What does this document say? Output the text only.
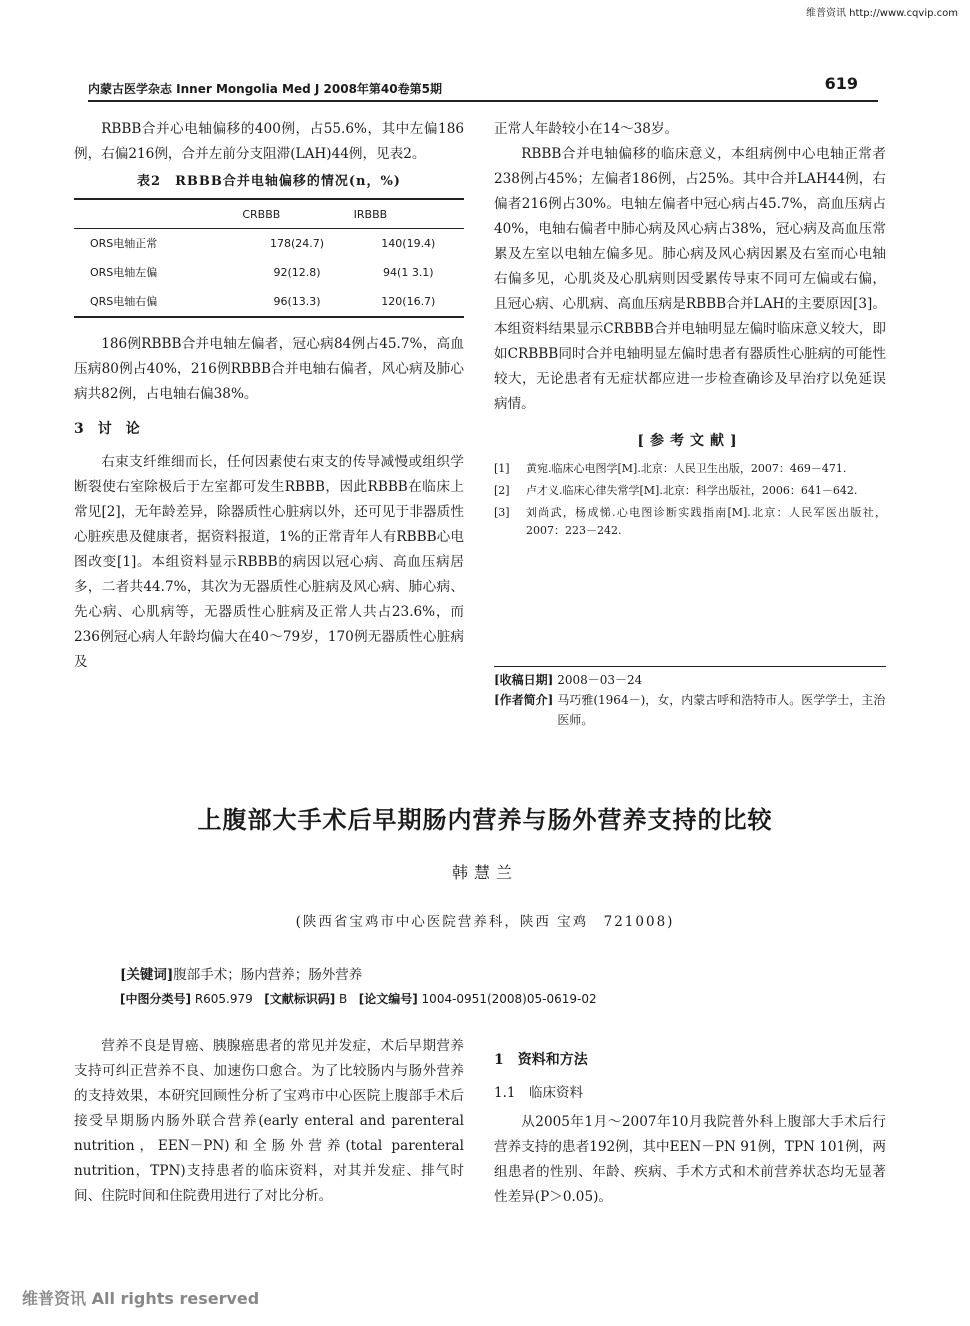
维普资讯 http://www.cqvip.com
内蒙古医学杂志 Inner Mongolia Med J 2008年第40卷第5期	619

RBBB合并心电轴偏移的400例，占55.6%，其中左偏186例，右偏216例，合并左前分支阻滞(LAH)44例，见表2。

表2　RBBB合并电轴偏移的情况(n，%)
	CRBBB	IRBBB
ORS电轴正常	178(24.7)	140(19.4)
ORS电轴左偏	92(12.8)	94(1 3.1)
QRS电轴右偏	96(13.3)	120(16.7)

186例RBBB合并电轴左偏者，冠心病84例占45.7%，高血压病80例占40%，216例RBBB合并电轴右偏者，风心病及肺心病共82例，占电轴右偏38%。

3　讨　论

右束支纤维细而长，任何因素使右束支的传导减慢或组织学断裂使右室除极后于左室都可发生RBBB，因此RBBB在临床上常见[2]，无年龄差异，除器质性心脏病以外，还可见于非器质性心脏疾患及健康者，据资料报道，1%的正常青年人有RBBB心电图改变[1]。本组资料显示RBBB的病因以冠心病、高血压病居多，二者共44.7%，其次为无器质性心脏病及风心病、肺心病、先心病、心肌病等，无器质性心脏病及正常人共占23.6%，而236例冠心病人年龄均偏大在40～79岁，170例无器质性心脏病及

正常人年龄较小在14～38岁。

RBBB合并电轴偏移的临床意义，本组病例中心电轴正常者238例占45%；左偏者186例，占25%。其中合并LAH44例，右偏者216例占30%。电轴左偏者中冠心病占45.7%，高血压病占40%，电轴右偏者中肺心病及风心病占38%，冠心病及高血压常累及左室以电轴左偏多见。肺心病及风心病因累及右室而心电轴右偏多见，心肌炎及心肌病则因受累传导束不同可左偏或右偏，且冠心病、心肌病、高血压病是RBBB合并LAH的主要原因[3]。本组资料结果显示CRBBB合并电轴明显左偏时临床意义较大，即如CRBBB同时合并电轴明显左偏时患者有器质性心脏病的可能性较大，无论患者有无症状都应进一步检查确诊及早治疗以免延误病情。

[参考文献]
[1]	黄宛.临床心电图学[M].北京：人民卫生出版，2007：469－471.
[2]	卢才义.临床心律失常学[M].北京：科学出版社，2006：641－642.
[3]	刘尚武，杨成悌.心电图诊断实践指南[M].北京：人民军医出版社，2007：223－242.
[收稿日期] 2008－03－24
[作者简介] 马巧雅(1964－)，女，内蒙古呼和浩特市人。医学学士，主治医师。
上腹部大手术后早期肠内营养与肠外营养支持的比较
韩慧兰
(陕西省宝鸡市中心医院营养科，陕西 宝鸡　721008)
[关键词]腹部手术；肠内营养；肠外营养
[中图分类号] R605.979 [文献标识码] B [论文编号] 1004-0951(2008)05-0619-02

营养不良是胃癌、胰腺癌患者的常见并发症，术后早期营养支持可纠正营养不良、加速伤口愈合。为了比较肠内与肠外营养的支持效果，本研究回顾性分析了宝鸡市中心医院上腹部手术后接受早期肠内肠外联合营养(early enteral and parenteral nutrition，EEN－PN)和全肠外营养(total parenteral nutrition，TPN)支持患者的临床资料，对其并发症、排气时间、住院时间和住院费用进行了对比分析。

1　资料和方法
1.1　临床资料

从2005年1月～2007年10月我院普外科上腹部大手术后行营养支持的患者192例，其中EEN－PN 91例，TPN 101例，两组患者的性别、年龄、疾病、手术方式和术前营养状态均无显著性差异(P＞0.05)。

维普资讯 All rights reserved
